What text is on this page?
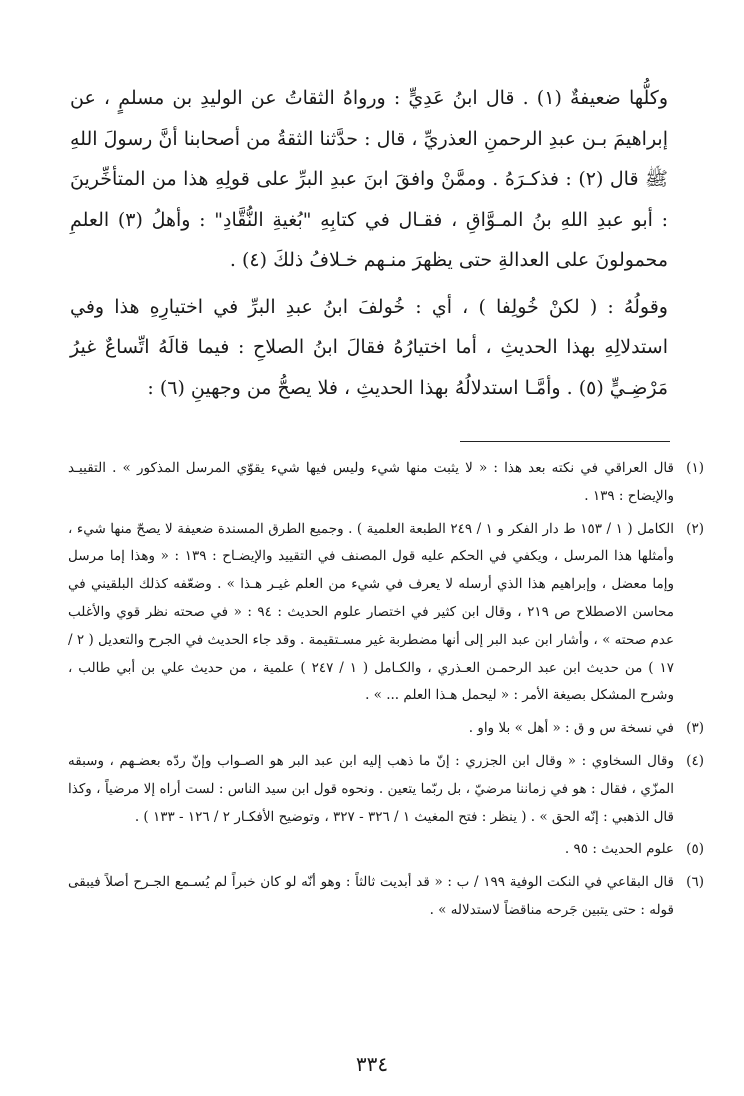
وكلُّها ضعيفةٌ (١) . قال ابنُ عَدِيٍّ : ورواهُ الثقاتُ عن الوليدِ بن مسلمٍ ، عن إبراهيمَ بـن عبدِ الرحمنِ العذريِّ ، قال : حدَّثنا الثقةُ من أصحابنا أنَّ رسولَ اللهِ ﷺ قال (٢) : فذكـرَهُ . وممَّنْ وافقَ ابنَ عبدِ البرِّ على قولِهِ هذا من المتأخِّرينَ : أبو عبدِ اللهِ بنُ المـوَّاقِ ، فقـال في كتابِهِ "بُغيةِ النُّقَّادِ" : وأهلُ (٣) العلمِ محمولونَ على العدالةِ حتى يظهرَ منـهم خـلافُ ذلكَ (٤) .

وقولُهُ : ( لكنْ خُولِفا ) ، أي : خُولفَ ابنُ عبدِ البرِّ في اختيارِهِ هذا وفي استدلالِهِ بهذا الحديثِ ، أما اختيارُهُ فقالَ ابنُ الصلاحِ : فيما قالَهُ اتِّساعٌ غيرُ مَرْضِـيٍّ (٥) . وأمَّـا استدلالُهُ بهذا الحديثِ ، فلا يصحُّ من وجهينِ (٦) :

(١)
قال العراقي في نكته بعد هذا : « لا يثبت منها شيء وليس فيها شيء يقوّي المرسل المذكور » . التقييـد والإيضاح : ١٣٩ .
(٢)
الكامل ( ١ / ١٥٣ ط دار الفكر و ١ / ٢٤٩ الطبعة العلمية ) . وجميع الطرق المسندة ضعيفة لا يصحّ منها شيء ، وأمثلها هذا المرسل ، ويكفي في الحكم عليه قول المصنف في التقييد والإيضـاح : ١٣٩ : « وهذا إما مرسل وإما معضل ، وإبراهيم هذا الذي أرسله لا يعرف في شيء من العلم غيـر هـذا » . وضعّفه كذلك البلقيني في محاسن الاصطلاح ص ٢١٩ ، وقال ابن كثير في اختصار علوم الحديث : ٩٤ : « في صحته نظر قوي والأغلب عدم صحته » ، وأشار ابن عبد البر إلى أنها مضطربة غير مسـتقيمة . وقد جاء الحديث في الجرح والتعديل ( ٢ / ١٧ ) من حديث ابن عبد الرحمـن العـذري ، والكـامل ( ١ / ٢٤٧ ) علمية ، من حديث علي بن أبي طالب ، وشرح المشكل بصيغة الأمر : « ليحمل هـذا العلم ... » .
(٣)
في نسخة س و ق : « أهل » بلا واو .
(٤)
وقال السخاوي : « وقال ابن الجزري : إنّ ما ذهب إليه ابن عبد البر هو الصـواب وإنّ ردّه بعضـهم ، وسبقه المزّي ، فقال : هو في زماننا مرضيّ ، بل ربّما يتعين . ونحوه قول ابن سيد الناس : لست أراه إلا مرضياً ، وكذا قال الذهبي : إنّه الحق » . ( ينظر : فتح المغيث ١ / ٣٢٦ - ٣٢٧ ، وتوضيح الأفكـار ٢ / ١٢٦ - ١٣٣ ) .
(٥)
علوم الحديث : ٩٥ .
(٦)
قال البقاعي في النكت الوفية ١٩٩ / ب : « قد أبديت ثالثاً : وهو أنّه لو كان خبراً لم يُسـمع الجـرح أصلاً فيبقى قوله : حتى يتبين جَرحه مناقضاً لاستدلاله » .
٣٣٤
